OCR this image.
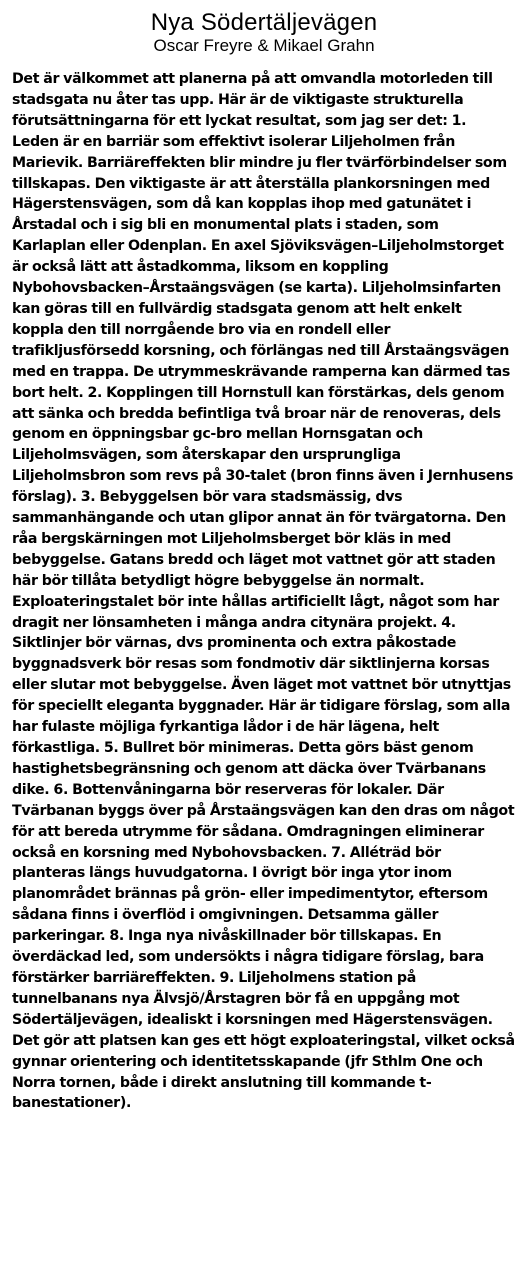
Nya Södertäljevägen
Oscar Freyre & Mikael Grahn

Det är välkommet att planerna på att omvandla motorleden till stadsgata nu åter tas upp. Här är de viktigaste strukturella förutsättningarna för ett lyckat resultat, som jag ser det: 1. Leden är en barriär som effektivt isolerar Liljeholmen från Marievik. Barriäreffekten blir mindre ju fler tvärförbindelser som tillskapas. Den viktigaste är att återställa plankorsningen med Hägerstensvägen, som då kan kopplas ihop med gatunätet i Årstadal och i sig bli en monumental plats i staden, som Karlaplan eller Odenplan. En axel Sjöviksvägen–Liljeholmstorget är också lätt att åstadkomma, liksom en koppling Nybohovsbacken–Årstaängsvägen (se karta). Liljeholmsinfarten kan göras till en fullvärdig stadsgata genom att helt enkelt koppla den till norrgående bro via en rondell eller trafikljusförsedd korsning, och förlängas ned till Årstaängsvägen med en trappa. De utrymmeskrävande ramperna kan därmed tas bort helt. 2. Kopplingen till Hornstull kan förstärkas, dels genom att sänka och bredda befintliga två broar när de renoveras, dels genom en öppningsbar gc-bro mellan Hornsgatan och Liljeholmsvägen, som återskapar den ursprungliga Liljeholmsbron som revs på 30-talet (bron finns även i Jernhusens förslag). 3. Bebyggelsen bör vara stadsmässig, dvs sammanhängande och utan glipor annat än för tvärgatorna. Den råa bergskärningen mot Liljeholmsberget bör kläs in med bebyggelse. Gatans bredd och läget mot vattnet gör att staden här bör tillåta betydligt högre bebyggelse än normalt. Exploateringstalet bör inte hållas artificiellt lågt, något som har dragit ner lönsamheten i många andra citynära projekt. 4. Siktlinjer bör värnas, dvs prominenta och extra påkostade byggnadsverk bör resas som fondmotiv där siktlinjerna korsas eller slutar mot bebyggelse. Även läget mot vattnet bör utnyttjas för speciellt eleganta byggnader. Här är tidigare förslag, som alla har fulaste möjliga fyrkantiga lådor i de här lägena, helt förkastliga. 5. Bullret bör minimeras. Detta görs bäst genom hastighetsbegränsning och genom att däcka över Tvärbanans dike. 6. Bottenvåningarna bör reserveras för lokaler. Där Tvärbanan byggs över på Årstaängsvägen kan den dras om något för att bereda utrymme för sådana. Omdragningen eliminerar också en korsning med Nybohovsbacken. 7. Alléträd bör planteras längs huvudgatorna. I övrigt bör inga ytor inom planområdet brännas på grön- eller impedimentytor, eftersom sådana finns i överflöd i omgivningen. Detsamma gäller parkeringar. 8. Inga nya nivåskillnader bör tillskapas. En överdäckad led, som undersökts i några tidigare förslag, bara förstärker barriäreffekten. 9. Liljeholmens station på tunnelbanans nya Älvsjö/Årstagren bör få en uppgång mot Södertäljevägen, idealiskt i korsningen med Hägerstensvägen. Det gör att platsen kan ges ett högt exploateringstal, vilket också gynnar orientering och identitetsskapande (jfr Sthlm One och Norra tornen, både i direkt anslutning till kommande t-banestationer).
